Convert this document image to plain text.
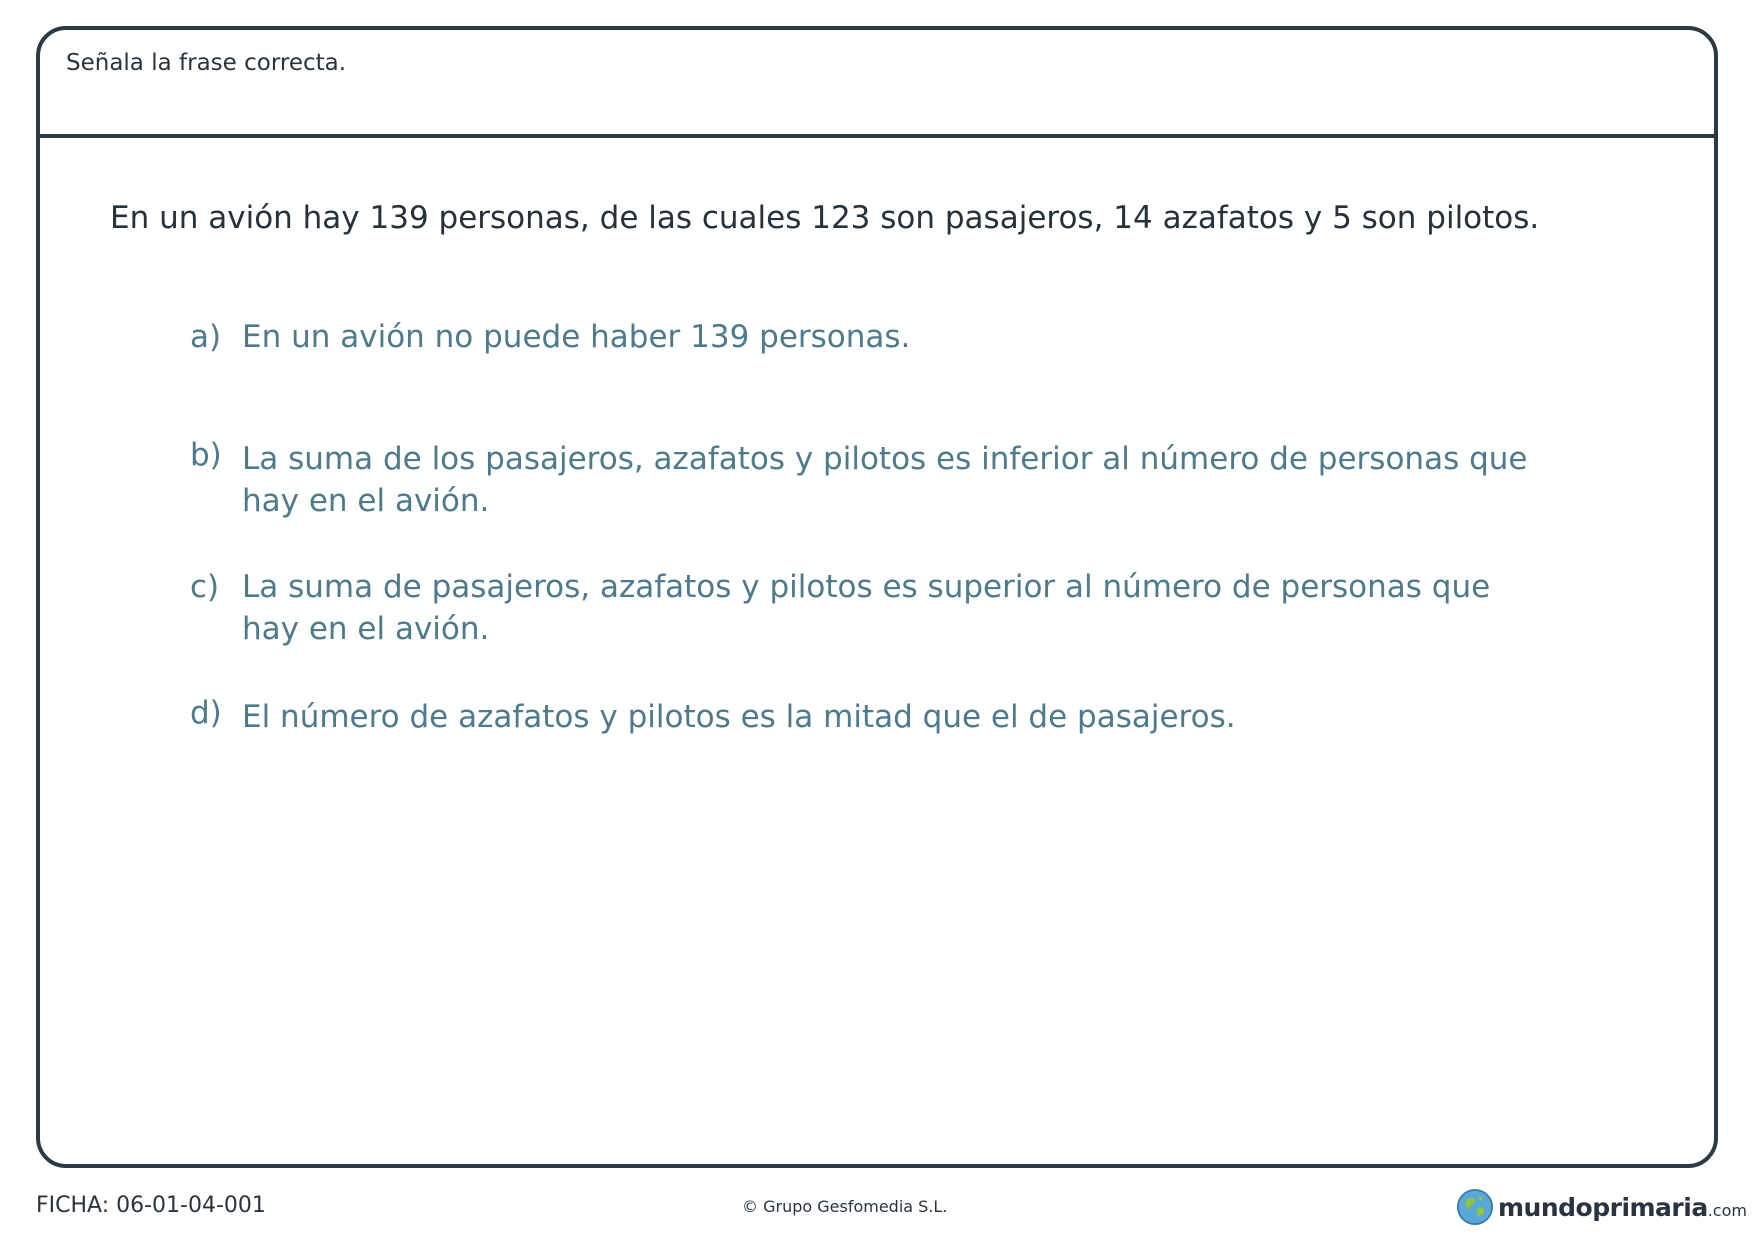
Señala la frase correcta.
En un avión hay 139 personas, de las cuales 123 son pasajeros, 14 azafatos y 5 son pilotos.
a) En un avión no puede haber 139 personas.
b) La suma de los pasajeros, azafatos y pilotos es inferior al número de personas que hay en el avión.
c) La suma de pasajeros, azafatos y pilotos es superior al número de personas que hay en el avión.
d) El número de azafatos y pilotos es la mitad que el de pasajeros.
FICHA: 06-01-04-001	© Grupo Gesfomedia S.L.	mundoprimaria .com
